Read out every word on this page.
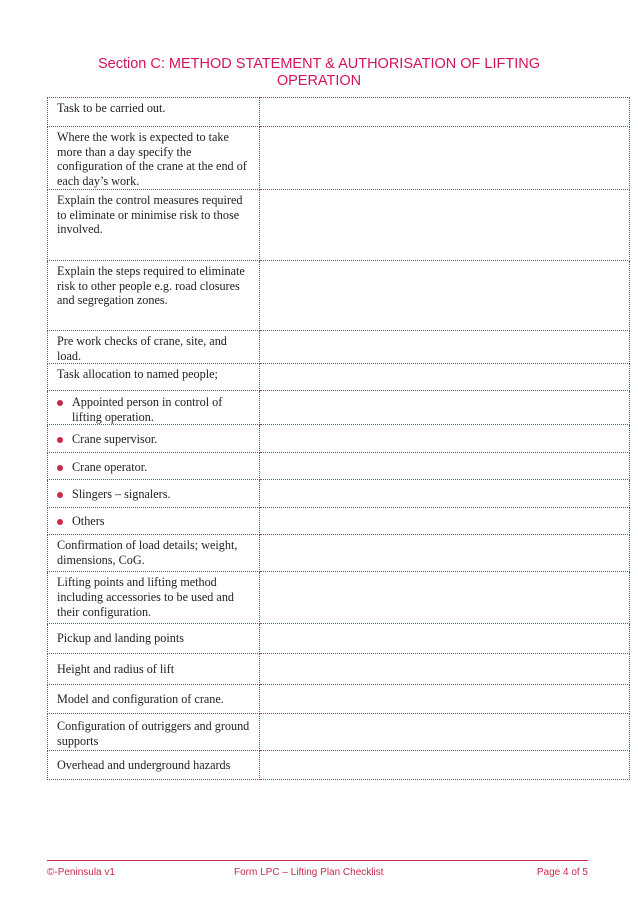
Section C: METHOD STATEMENT & AUTHORISATION OF LIFTING
OPERATION
Task to be carried out.	
Where the work is expected to take more than a day specify the configuration of the crane at the end of each day’s work.	
Explain the control measures required to eliminate or minimise risk to those involved.	
Explain the steps required to eliminate risk to other people e.g. road closures and segregation zones.	
Pre work checks of crane, site, and load.	
Task allocation to named people;	

Appointed person in control of lifting operation.	

Crane supervisor.	

Crane operator.	

Slingers – signalers.	

Others	

Confirmation of load details; weight, dimensions, CoG.	
Lifting points and lifting method including accessories to be used and their configuration.	
Pickup and landing points	
Height and radius of lift	
Model and configuration of crane.	
Configuration of outriggers and ground supports	
Overhead and underground hazards	
©-Peninsula v1	Form LPC – Lifting Plan Checklist	Page 4 of 5
